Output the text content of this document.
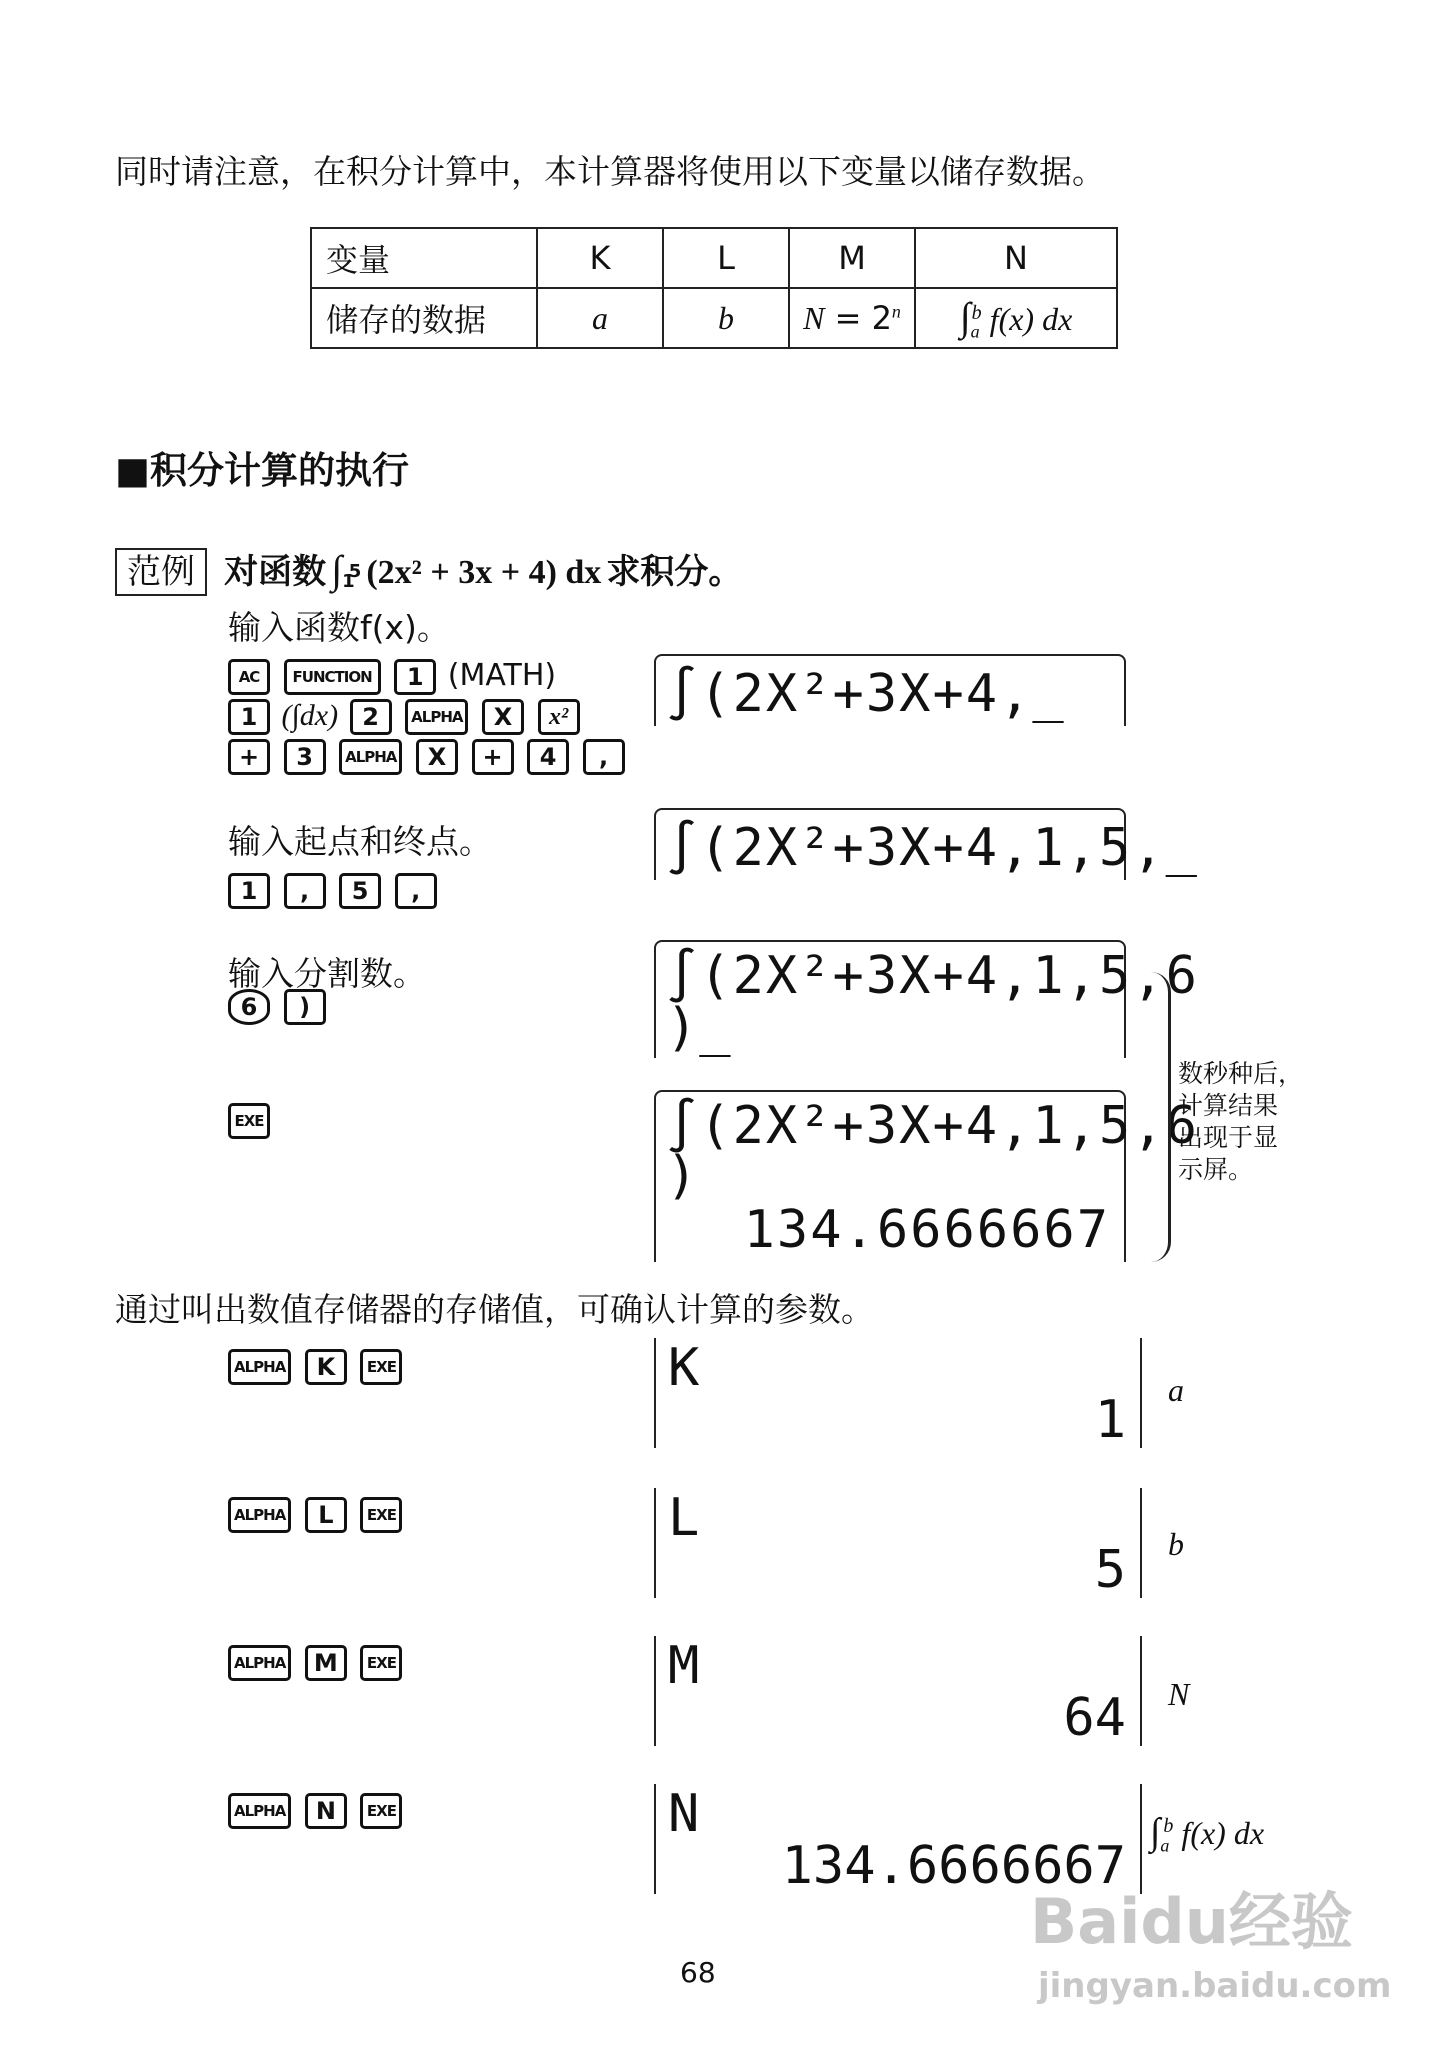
同时请注意，在积分计算中，本计算器将使用以下变量以储存数据。
变量	K	L	M	N
储存的数据	a	b	$N = 2^n$	$\int_a^b$ f(x) dx
■积分计算的执行
范例 对函数 $\int_1^5$ (2x² + 3x + 4) dx 求积分。
输入函数f(x)。
AC FUNCTION 1 (MATH)
1 (∫dx) 2 ALPHA X x²
+ 3 ALPHA X + 4 ,
∫(2X²+3X+4,_
输入起点和终点。
1 , 5 ,
∫(2X²+3X+4,1,5,_
输入分割数。
6 )
∫(2X²+3X+4,1,5,6
)_
EXE	∫(2X²+3X+4,1,5,6
)
134.6666667
数秒种后，
计算结果
出现于显
示屏。
通过叫出数值存储器的存储值，可确认计算的参数。
ALPHA K EXE	K
1 a
ALPHA L EXE	L
5 b
ALPHA M EXE	M
64 N
ALPHA N EXE	N
134.6666667
$\int_a^b$ f(x) dx
68
Baidu经验
jingyan.baidu.com
